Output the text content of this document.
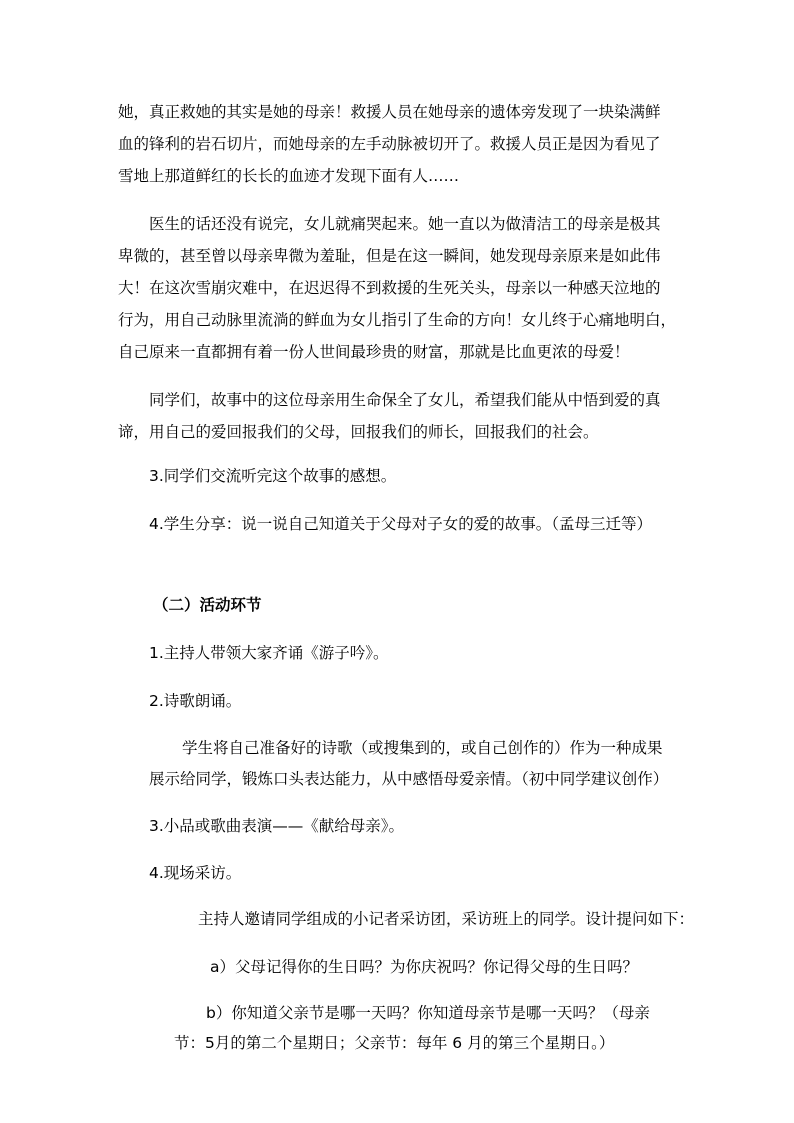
她，真正救她的其实是她的母亲！救援人员在她母亲的遗体旁发现了一块染满鲜
血的锋利的岩石切片，而她母亲的左手动脉被切开了。救援人员正是因为看见了
雪地上那道鲜红的长长的血迹才发现下面有人……
医生的话还没有说完，女儿就痛哭起来。她一直以为做清洁工的母亲是极其
卑微的，甚至曾以母亲卑微为羞耻，但是在这一瞬间，她发现母亲原来是如此伟
大！在这次雪崩灾难中，在迟迟得不到救援的生死关头，母亲以一种感天泣地的
行为，用自己动脉里流淌的鲜血为女儿指引了生命的方向！女儿终于心痛地明白，
自己原来一直都拥有着一份人世间最珍贵的财富，那就是比血更浓的母爱！
同学们，故事中的这位母亲用生命保全了女儿，希望我们能从中悟到爱的真
谛，用自己的爱回报我们的父母，回报我们的师长，回报我们的社会。
3.同学们交流听完这个故事的感想。
4.学生分享：说一说自己知道关于父母对子女的爱的故事。（孟母三迁等）
（二）活动环节
1.主持人带领大家齐诵《游子吟》。
2.诗歌朗诵。
学生将自己准备好的诗歌（或搜集到的，或自己创作的）作为一种成果
展示给同学，锻炼口头表达能力，从中感悟母爱亲情。（初中同学建议创作）
3.小品或歌曲表演——《献给母亲》。
4.现场采访。
主持人邀请同学组成的小记者采访团，采访班上的同学。设计提问如下：
a）父母记得你的生日吗？为你庆祝吗？你记得父母的生日吗？
b）你知道父亲节是哪一天吗？你知道母亲节是哪一天吗？（母亲
节：5月的第二个星期日；父亲节：每年 6 月的第三个星期日。）
